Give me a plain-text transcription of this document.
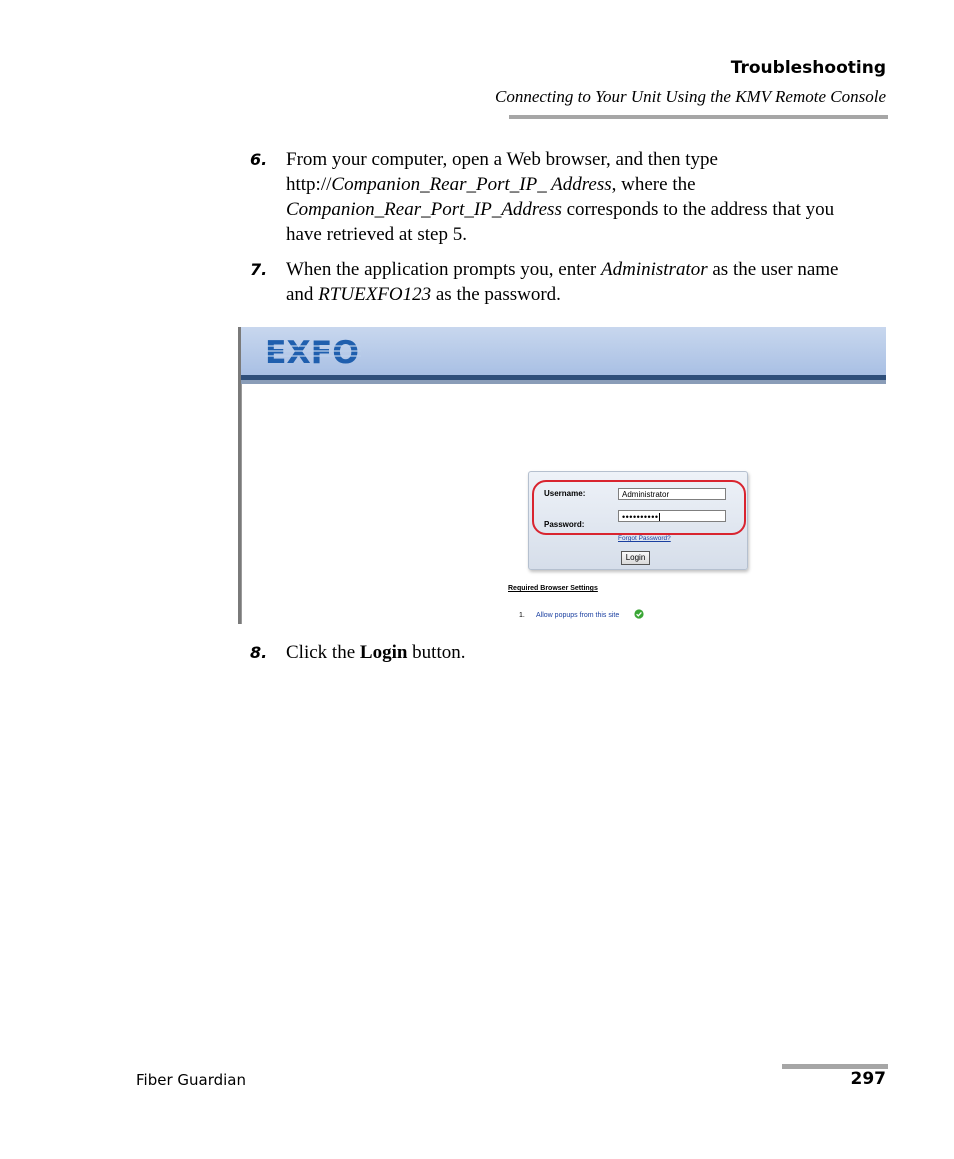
Troubleshooting
Connecting to Your Unit Using the KMV Remote Console
6. From your computer, open a Web browser, and then type http://Companion_Rear_Port_IP_ Address, where the Companion_Rear_Port_IP_Address corresponds to the address that you have retrieved at step 5.
7. When the application prompts you, enter Administrator as the user name and RTUEXFO123 as the password.
EXFO
Username:	Administrator
Password:
••••••••••
Forgot Password?
Login
Required Browser Settings
1. Allow popups from this site
8. Click the Login button.
Fiber Guardian	297
